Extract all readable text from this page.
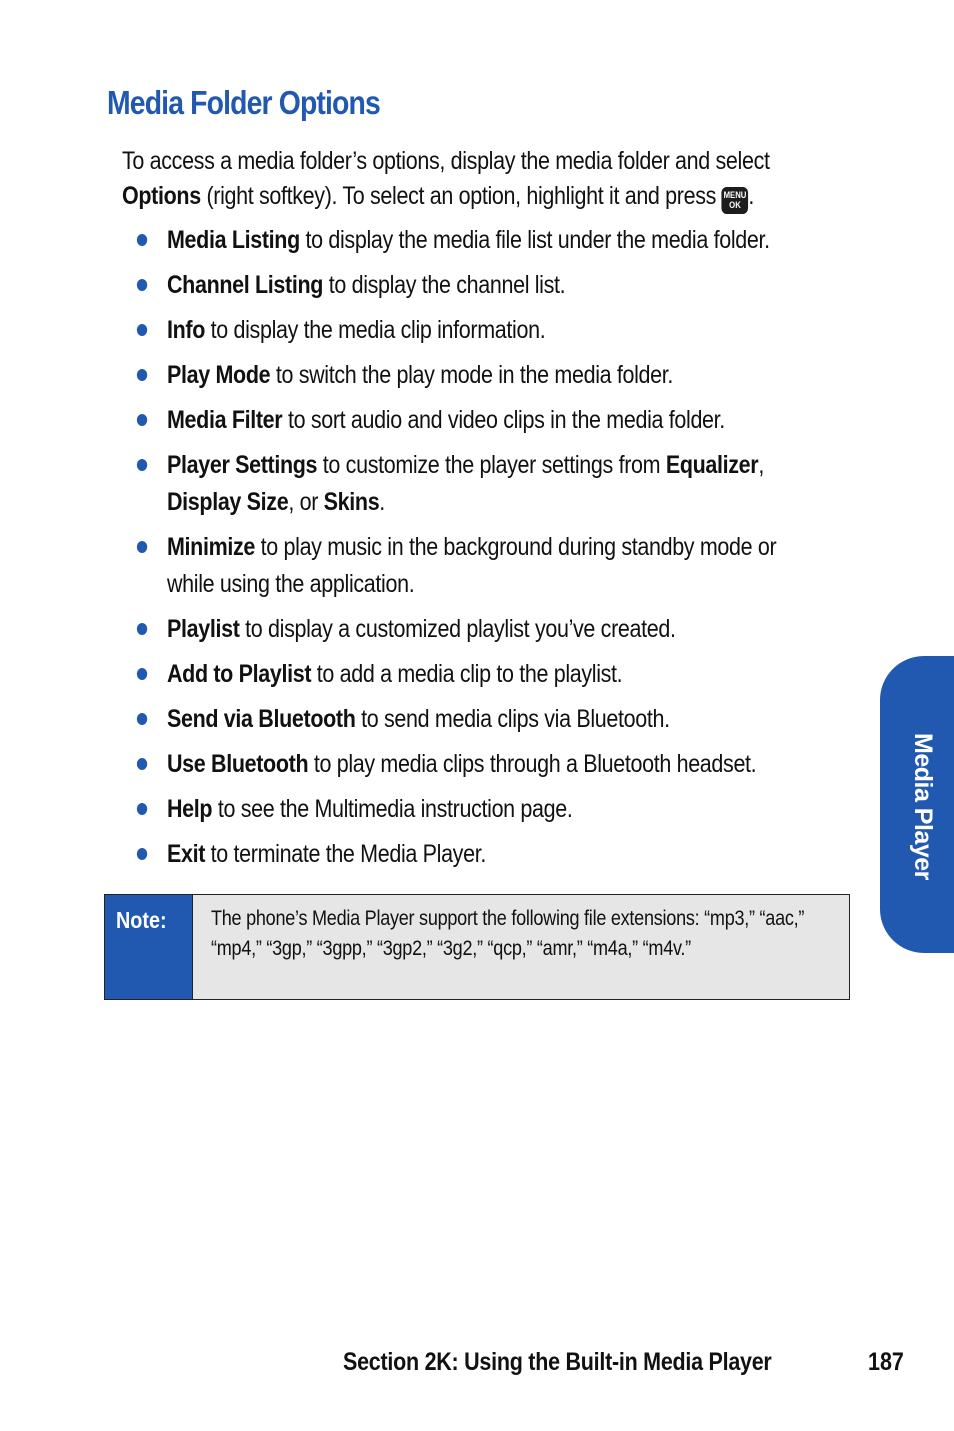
Media Folder Options
To access a media folder’s options, display the media folder and select Options (right softkey). To select an option, highlight it and press MENU
OK .
Media Listing to display the media file list under the media folder.
Channel Listing to display the channel list.
Info to display the media clip information.
Play Mode to switch the play mode in the media folder.
Media Filter to sort audio and video clips in the media folder.
Player Settings to customize the player settings from Equalizer, Display Size, or Skins.
Minimize to play music in the background during standby mode or while using the application.
Playlist to display a customized playlist you’ve created.
Add to Playlist to add a media clip to the playlist.
Send via Bluetooth to send media clips via Bluetooth.
Use Bluetooth to play media clips through a Bluetooth headset.
Help to see the Multimedia instruction page.
Exit to terminate the Media Player.
Note:	The phone’s Media Player support the following file extensions: “mp3,” “aac,” “mp4,” “3gp,” “3gpp,” “3gp2,” “3g2,” “qcp,” “amr,” “m4a,” “m4v.”
Media Player
Section 2K: Using the Built-in Media Player	187
